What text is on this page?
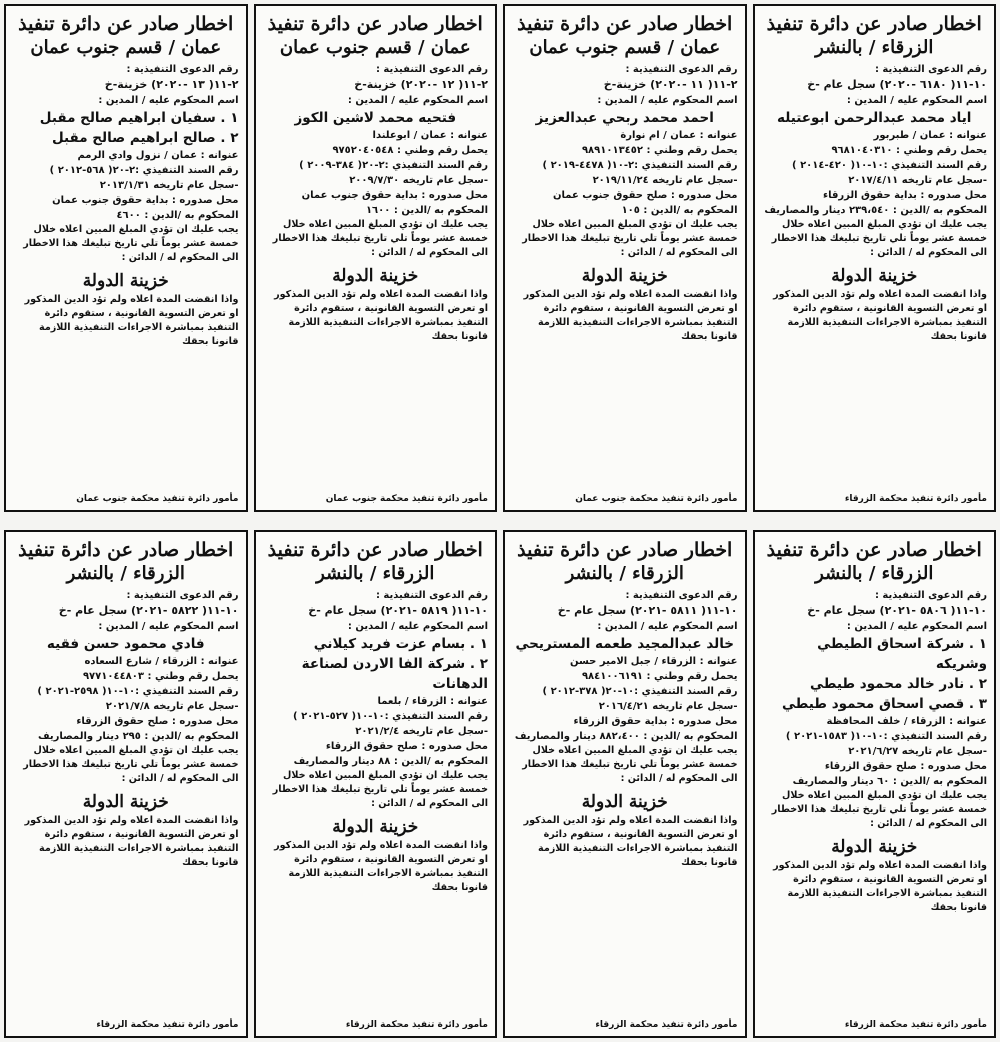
اخطار صادر عن دائرة تنفيذ
الزرقاء / بالنشر
رقم الدعوى التنفيذية :
١٠-١١( ٦١٨٠ -٢٠٢٠) سجل عام -خ
اسم المحكوم عليه / المدين :
اياد محمد عبدالرحمن ابوعتيله
عنوانه : عمان / طبربور
يحمل رقم وطني : ٩٦٨١٠٤٠٣١٠
رقم السند التنفيذي :١٠-١٠( ٤٢٠-٢٠١٤ )
-سجل عام تاريخه ٢٠١٧/٤/١١
محل صدوره : بداية حقوق الزرقاء
المحكوم به /الدين : ٢٣٩،٥٤٠ دينار والمصاريف
يجب عليك ان تؤدي المبلغ المبين اعلاه خلال خمسة عشر يوماً تلي تاريخ تبليغك هذا الاخطار الى المحكوم له / الدائن :
خزينة الدولة
واذا انقضت المدة اعلاه ولم تؤد الدين المذكور او تعرض التسوية القانونية ، ستقوم دائرة التنفيذ بمباشرة الاجراءات التنفيذية اللازمة قانونا بحقك
مأمور دائرة تنفيذ محكمة الزرقاء
اخطار صادر عن دائرة تنفيذ
عمان / قسم جنوب عمان
رقم الدعوى التنفيذية :
٢-١١( ١١ -٢٠٢٠) خزينة-خ
اسم المحكوم عليه / المدين :
احمد محمد ربحي عبدالعزيز
عنوانه : عمان / ام نوارة
يحمل رقم وطني : ٩٨٩١٠١٣٤٥٢
رقم السند التنفيذي :٢-١٠( ٤٤٧٨-٢٠١٩ )
-سجل عام تاريخه ٢٠١٩/١١/٢٤
محل صدوره : صلح حقوق جنوب عمان
المحكوم به /الدين : ١٠٥
يجب عليك ان تؤدي المبلغ المبين اعلاه خلال خمسة عشر يوماً تلي تاريخ تبليغك هذا الاخطار الى المحكوم له / الدائن :
خزينة الدولة
واذا انقضت المدة اعلاه ولم تؤد الدين المذكور او تعرض التسوية القانونية ، ستقوم دائرة التنفيذ بمباشرة الاجراءات التنفيذية اللازمة قانونا بحقك
مأمور دائرة تنفيذ محكمة جنوب عمان
اخطار صادر عن دائرة تنفيذ
عمان / قسم جنوب عمان
رقم الدعوى التنفيذية :
٢-١١( ١٢ -٢٠٢٠) خزينة-خ
اسم المحكوم عليه / المدين :
فتحيه محمد لاشين الكوز
عنوانه : عمان / ابوعلندا
يحمل رقم وطني : ٩٧٥٢٠٤٠٥٤٨
رقم السند التنفيذي :٢-٢٠( ٣٨٤-٢٠٠٩ )
-سجل عام تاريخه ٢٠٠٩/٧/٣٠
محل صدوره : بداية حقوق جنوب عمان
المحكوم به /الدين : ١٦٠٠
يجب عليك ان تؤدي المبلغ المبين اعلاه خلال خمسة عشر يوماً تلي تاريخ تبليغك هذا الاخطار الى المحكوم له / الدائن :
خزينة الدولة
واذا انقضت المدة اعلاه ولم تؤد الدين المذكور او تعرض التسوية القانونية ، ستقوم دائرة التنفيذ بمباشرة الاجراءات التنفيذية اللازمة قانونا بحقك
مأمور دائرة تنفيذ محكمة جنوب عمان
اخطار صادر عن دائرة تنفيذ
عمان / قسم جنوب عمان
رقم الدعوى التنفيذية :
٢-١١( ١٣ -٢٠٢٠) خزينة-خ
اسم المحكوم عليه / المدين :
١ . سفيان ابراهيم صالح مقبل
٢ . صالح ابراهيم صالح مقبل
عنوانه : عمان / نزول وادي الرمم
رقم السند التنفيذي :٢-٢٠( ٥٦٨-٢٠١٢ )
-سجل عام تاريخه ٢٠١٣/١/٣١
محل صدوره : بداية حقوق جنوب عمان
المحكوم به /الدين : ٤٦٠٠
يجب عليك ان تؤدي المبلغ المبين اعلاه خلال خمسة عشر يوماً تلي تاريخ تبليغك هذا الاخطار الى المحكوم له / الدائن :
خزينة الدولة
واذا انقضت المدة اعلاه ولم تؤد الدين المذكور او تعرض التسوية القانونية ، ستقوم دائرة التنفيذ بمباشرة الاجراءات التنفيذية اللازمة قانونا بحقك
مأمور دائرة تنفيذ محكمة جنوب عمان
اخطار صادر عن دائرة تنفيذ
الزرقاء / بالنشر
رقم الدعوى التنفيذية :
١٠-١١( ٥٨٠٦ -٢٠٢١) سجل عام -خ
اسم المحكوم عليه / المدين :
١ . شركة اسحاق الطيطي وشريكه
٢ . نادر خالد محمود طيطي
٣ . قصي اسحاق محمود طيطي
عنوانه : الزرقاء / خلف المحافظة
رقم السند التنفيذي :١٠-١٠( ١٥٨٣-٢٠٢١ )
-سجل عام تاريخه ٢٠٢١/٦/٢٧
محل صدوره : صلح حقوق الزرقاء
المحكوم به /الدين : ٦٠ دينار والمصاريف
يجب عليك ان تؤدي المبلغ المبين اعلاه خلال خمسة عشر يوماً تلي تاريخ تبليغك هذا الاخطار الى المحكوم له / الدائن :
خزينة الدولة
واذا انقضت المدة اعلاه ولم تؤد الدين المذكور او تعرض التسوية القانونية ، ستقوم دائرة التنفيذ بمباشرة الاجراءات التنفيذية اللازمة قانونا بحقك
مأمور دائرة تنفيذ محكمة الزرقاء
اخطار صادر عن دائرة تنفيذ
الزرقاء / بالنشر
رقم الدعوى التنفيذية :
١٠-١١( ٥٨١١ -٢٠٢١) سجل عام -خ
اسم المحكوم عليه / المدين :
خالد عبدالمجيد طعمه المستريحي
عنوانه : الزرقاء / جبل الامير حسن
يحمل رقم وطني : ٩٨٤١٠٠٦١٩١
رقم السند التنفيذي :١٠-٢٠( ٣٧٨-٢٠١٢ )
-سجل عام تاريخه ٢٠١٦/٤/٢١
محل صدوره : بداية حقوق الزرقاء
المحكوم به /الدين : ٨٨٢،٤٠٠ دينار والمصاريف
يجب عليك ان تؤدي المبلغ المبين اعلاه خلال خمسة عشر يوماً تلي تاريخ تبليغك هذا الاخطار الى المحكوم له / الدائن :
خزينة الدولة
واذا انقضت المدة اعلاه ولم تؤد الدين المذكور او تعرض التسوية القانونية ، ستقوم دائرة التنفيذ بمباشرة الاجراءات التنفيذية اللازمة قانونا بحقك
مأمور دائرة تنفيذ محكمة الزرقاء
اخطار صادر عن دائرة تنفيذ
الزرقاء / بالنشر
رقم الدعوى التنفيذية :
١٠-١١( ٥٨١٩ -٢٠٢١) سجل عام -خ
اسم المحكوم عليه / المدين :
١ . بسام عزت فريد كيلاني
٢ . شركة الفا الاردن لصناعة الدهانات
عنوانه : الزرقاء / بلعما
رقم السند التنفيذي :١٠-١٠( ٥٢٧-٢٠٢١ )
-سجل عام تاريخه ٢٠٢١/٢/٤
محل صدوره : صلح حقوق الزرقاء
المحكوم به /الدين : ٨٨ دينار والمصاريف
يجب عليك ان تؤدي المبلغ المبين اعلاه خلال خمسة عشر يوماً تلي تاريخ تبليغك هذا الاخطار الى المحكوم له / الدائن :
خزينة الدولة
واذا انقضت المدة اعلاه ولم تؤد الدين المذكور او تعرض التسوية القانونية ، ستقوم دائرة التنفيذ بمباشرة الاجراءات التنفيذية اللازمة قانونا بحقك
مأمور دائرة تنفيذ محكمة الزرقاء
اخطار صادر عن دائرة تنفيذ
الزرقاء / بالنشر
رقم الدعوى التنفيذية :
١٠-١١( ٥٨٢٢ -٢٠٢١) سجل عام -خ
اسم المحكوم عليه / المدين :
فادي محمود حسن فقيه
عنوانه : الزرقاء / شارع السعاده
يحمل رقم وطني : ٩٧٧١٠٤٤٨٠٣
رقم السند التنفيذي :١٠-١٠( ٢٥٩٨-٢٠٢١ )
-سجل عام تاريخه ٢٠٢١/٧/٨
محل صدوره : صلح حقوق الزرقاء
المحكوم به /الدين : ٢٩٥ دينار والمصاريف
يجب عليك ان تؤدي المبلغ المبين اعلاه خلال خمسة عشر يوماً تلي تاريخ تبليغك هذا الاخطار الى المحكوم له / الدائن :
خزينة الدولة
واذا انقضت المدة اعلاه ولم تؤد الدين المذكور او تعرض التسوية القانونية ، ستقوم دائرة التنفيذ بمباشرة الاجراءات التنفيذية اللازمة قانونا بحقك
مأمور دائرة تنفيذ محكمة الزرقاء
